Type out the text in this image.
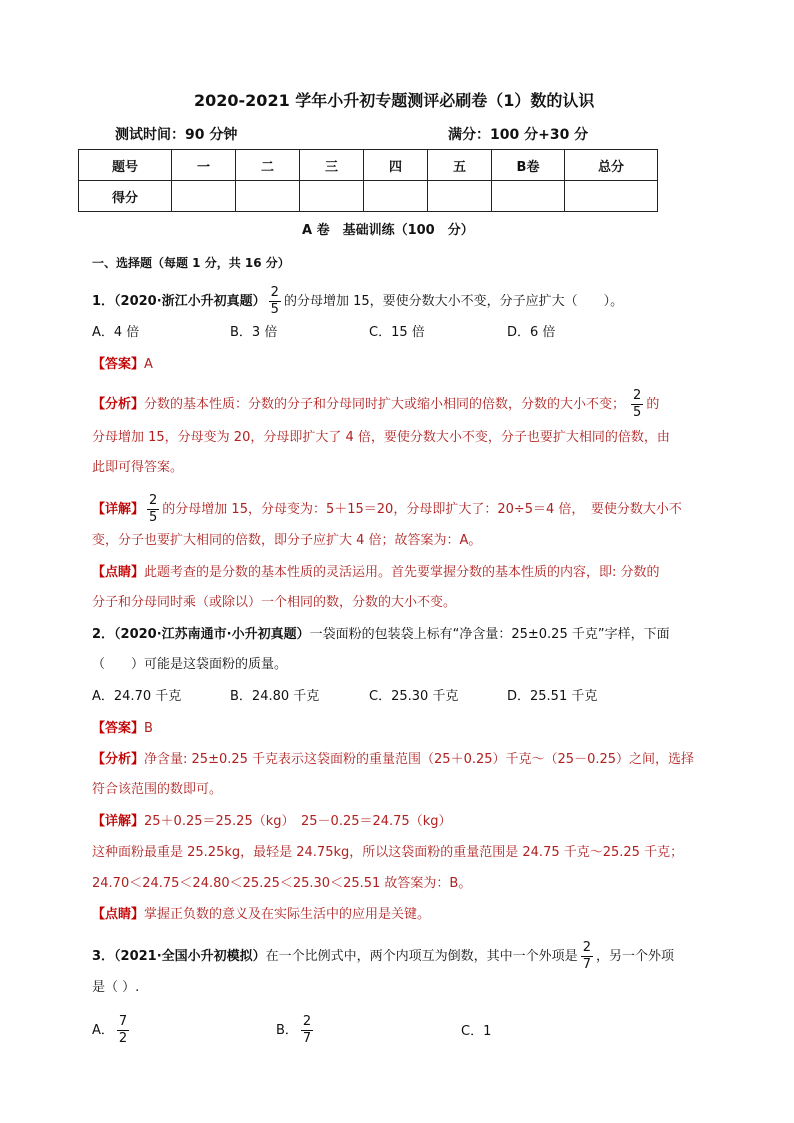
2020-2021 学年小升初专题测评必刷卷（1）数的认识
测试时间：90 分钟	满分：100 分+30 分
题号	一	二	三	四	五	B卷	总分
得分							
A 卷　基础训练（100　分）
一、选择题（每题 1 分，共 16 分）
1．（2020·浙江小升初真题） $\frac{2}{5}$ 的分母增加 15，要使分数大小不变，分子应扩大（　　）。
A．4 倍	B．3 倍	C．15 倍	D．6 倍
【答案】A
【分析】分数的基本性质：分数的分子和分母同时扩大或缩小相同的倍数，分数的大小不变； $\frac{2}{5}$ 的
分母增加 15，分母变为 20，分母即扩大了 4 倍，要使分数大小不变，分子也要扩大相同的倍数，由
此即可得答案。
【详解】 $\frac{2}{5}$ 的分母增加 15，分母变为：5＋15＝20，分母即扩大了：20÷5＝4 倍，　要使分数大小不
变，分子也要扩大相同的倍数，即分子应扩大 4 倍；故答案为：A。
【点睛】此题考查的是分数的基本性质的灵活运用。首先要掌握分数的基本性质的内容，即: 分数的
分子和分母同时乘（或除以）一个相同的数，分数的大小不变。
2．（2020·江苏南通市·小升初真题）一袋面粉的包装袋上标有“净含量：25±0.25 千克”字样，下面
（　　）可能是这袋面粉的质量。
A．24.70 千克	B．24.80 千克	C．25.30 千克	D．25.51 千克
【答案】B
【分析】净含量: 25±0.25 千克表示这袋面粉的重量范围（25＋0.25）千克～（25－0.25）之间，选择
符合该范围的数即可。
【详解】25＋0.25＝25.25（kg）　25－0.25＝24.75（kg）
这种面粉最重是 25.25kg，最轻是 24.75kg，所以这袋面粉的重量范围是 24.75 千克～25.25 千克；
24.70＜24.75＜24.80＜25.25＜25.30＜25.51 故答案为：B。
【点睛】掌握正负数的意义及在实际生活中的应用是关键。
3．（2021·全国小升初模拟）在一个比例式中，两个内项互为倒数，其中一个外项是 $\frac{2}{7}$ ，另一个外项
是（ ）.
A． $\frac{7}{2}$	B． $\frac{2}{7}$	C．1
